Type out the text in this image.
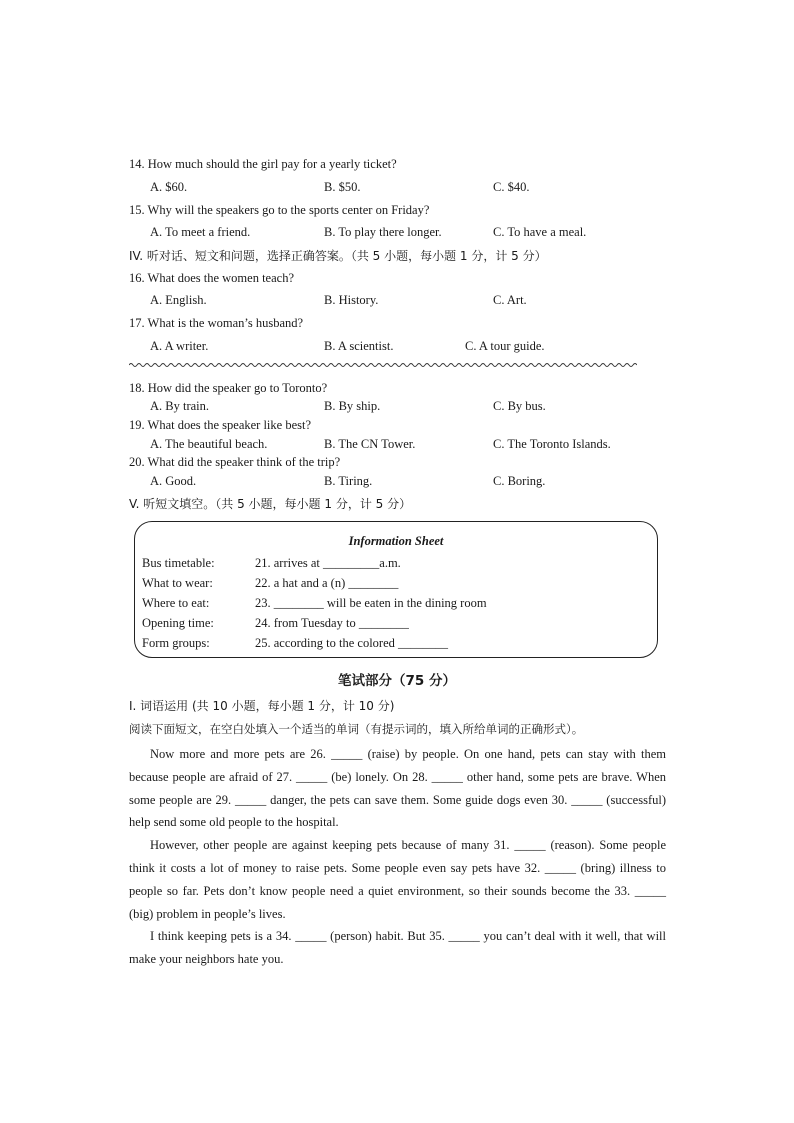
14. How much should the girl pay for a yearly ticket?
A. $60.	B. $50.	C. $40.
15. Why will the speakers go to the sports center on Friday?
A. To meet a friend.	B. To play there longer.	C. To have a meal.
IV. 听对话、短文和问题，选择正确答案。（共 5 小题，每小题 1 分，计 5 分）
16. What does the women teach?
A. English.	B. History.	C. Art.
17. What is the woman’s husband?
A. A writer.	B. A scientist.	C. A tour guide.
18. How did the speaker go to Toronto?
A. By train.	B. By ship.	C. By bus.
19. What does the speaker like best?
A. The beautiful beach.	B. The CN Tower.	C. The Toronto Islands.
20. What did the speaker think of the trip?
A. Good.	B. Tiring.	C. Boring.
V. 听短文填空。（共 5 小题，每小题 1 分，计 5 分）
Information Sheet
Bus timetable:	21. arrives at _________a.m.
What to wear:	22. a hat and a (n) ________
Where to eat:	23. ________ will be eaten in the dining room
Opening time:	24. from Tuesday to ________
Form groups:	25. according to the colored ________
笔试部分（75 分）
I. 词语运用 (共 10 小题，每小题 1 分，计 10 分)
阅读下面短文，在空白处填入一个适当的单词（有提示词的，填入所给单词的正确形式）。

Now more and more pets are 26. _____ (raise) by people. On one hand, pets can stay with them because people are afraid of 27. _____ (be) lonely. On 28. _____ other hand, some pets are brave. When some people are 29. _____ danger, the pets can save them. Some guide dogs even 30. _____ (successful) help send some old people to the hospital.

However, other people are against keeping pets because of many 31. _____ (reason). Some people think it costs a lot of money to raise pets. Some people even say pets have 32. _____ (bring) illness to people so far. Pets don’t know people need a quiet environment, so their sounds become the 33. _____ (big) problem in people’s lives.

I think keeping pets is a 34. _____ (person) habit. But 35. _____ you can’t deal with it well, that will make your neighbors hate you.
